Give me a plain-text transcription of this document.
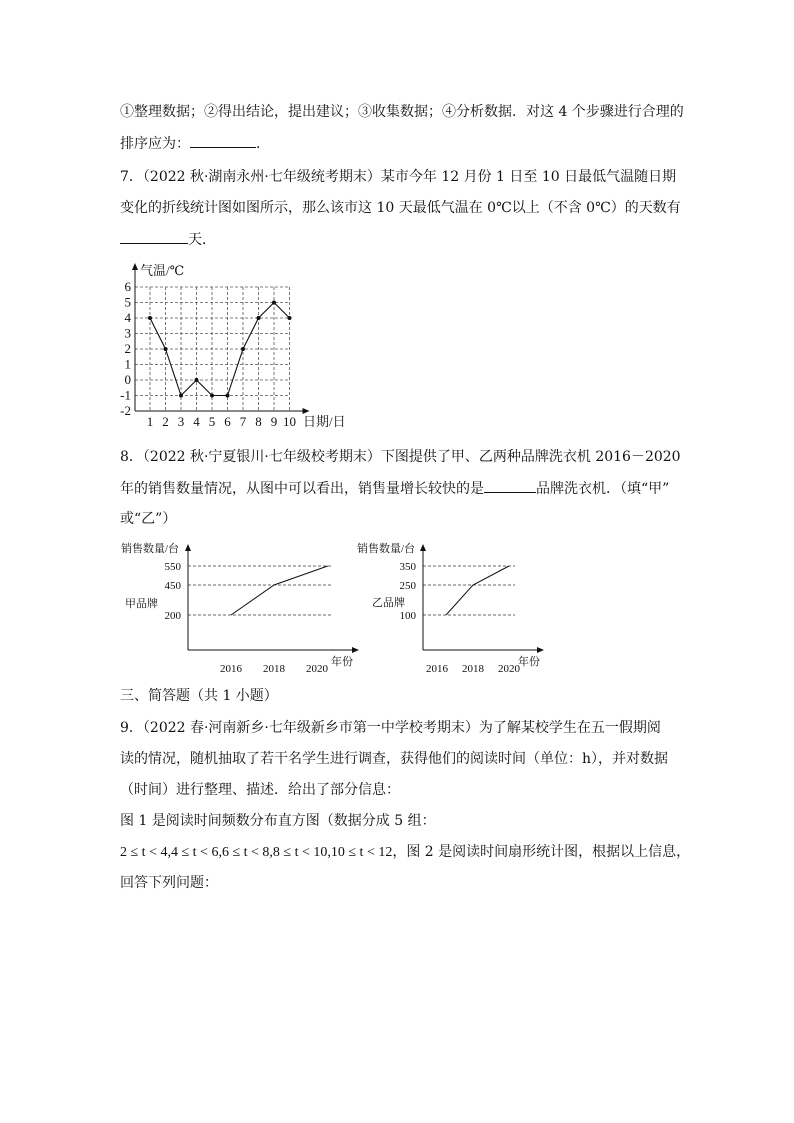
①整理数据；②得出结论，提出建议；③收集数据；④分析数据．对这 4 个步骤进行合理的
排序应为：	．
7．（2022 秋·湖南永州·七年级统考期末）某市今年 12 月份 1 日至 10 日最低气温随日期
变化的折线统计图如图所示，那么该市这 10 天最低气温在 0℃以上（不含 0℃）的天数有
天．
6
5
4
3
2
1
0
-1
-2
1 2 3 4 5 6 7 8 9 10
气温/℃
日期/日
8．（2022 秋·宁夏银川·七年级校考期末）下图提供了甲、乙两种品牌洗衣机 2016－2020
年的销售数量情况，从图中可以看出，销售量增长较快的是	品牌洗衣机．（填“甲”
或“乙”）
550
450
200
2016 2018 2020
销售数量/台
年份
甲品牌
350
250
100
2016 2018 2020
销售数量/台
年份
乙品牌
三、简答题（共 1 小题）
9．（2022 春·河南新乡·七年级新乡市第一中学校考期末）为了解某校学生在五一假期阅
读的情况，随机抽取了若干名学生进行调查，获得他们的阅读时间（单位：h），并对数据
（时间）进行整理、描述．给出了部分信息：
图 1 是阅读时间频数分布直方图（数据分成 5 组：
2 ≤ t < 4,4 ≤ t < 6,6 ≤ t < 8,8 ≤ t < 10,10 ≤ t < 12，图 2 是阅读时间扇形统计图，根据以上信息，
回答下列问题：
